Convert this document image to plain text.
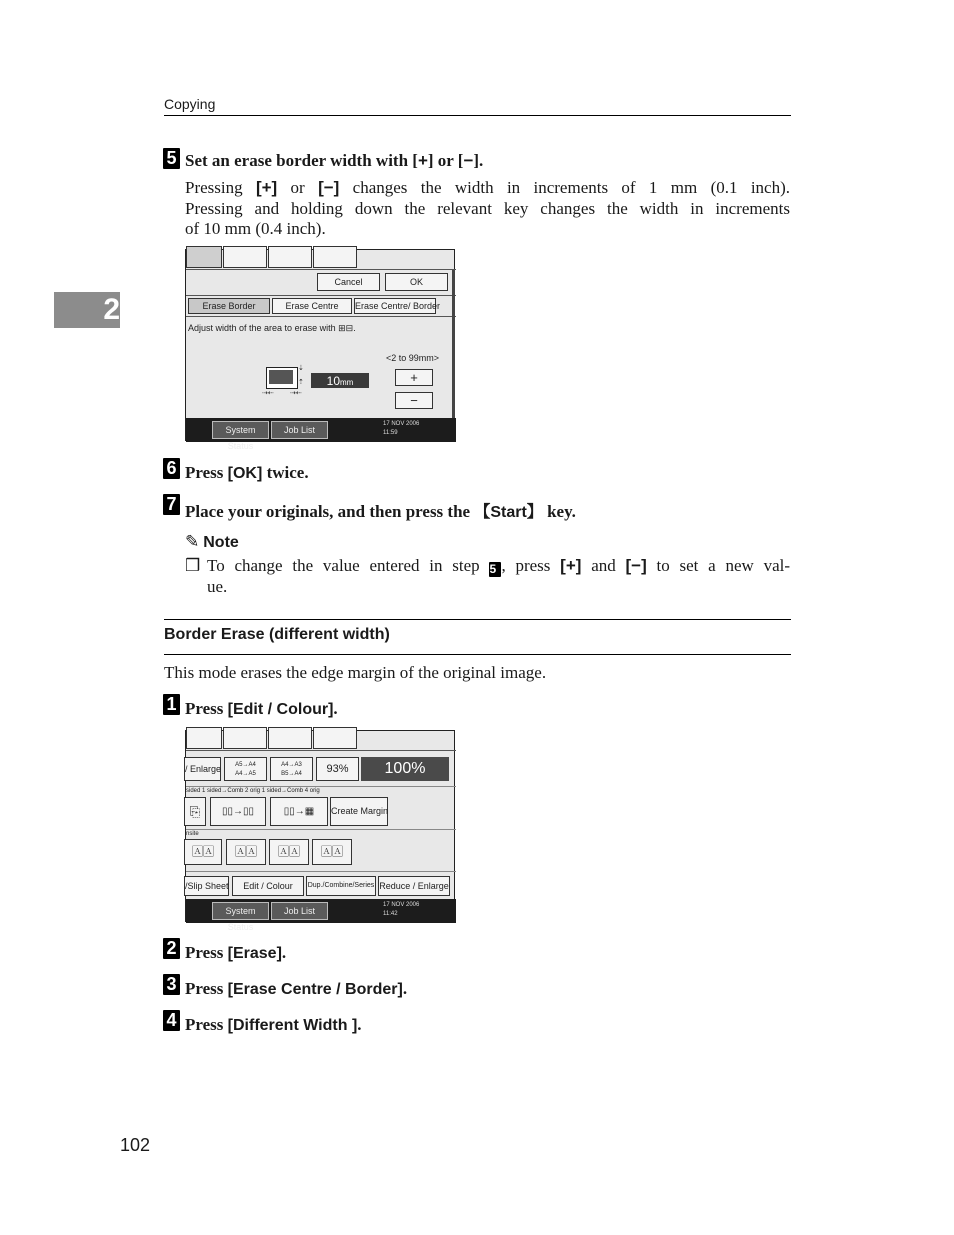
Copying
2
5 Set an erase border width with [+] or [−].
Pressing [+] or [−] changes the width in increments of 1 mm (0.1 inch).
Pressing and holding down the relevant key changes the width in increments
of 10 mm (0.4 inch).
Cancel	OK
Erase Border	Erase Centre	Erase Centre/ Border
Adjust width of the area to erase with ⊞⊟.
<2 to 99mm>
⇣
⇡
⇢⇠ ⇢⇠
10mm	+
−
System Status
Job List
17 NOV 2006
11:59
6 Press [OK] twice.
7 Place your originals, and then press the 【Start】 key.
✎ Note
❒ To change the value entered in step 5 , press [+] and [−] to set a new val-
ue.
Border Erase (different width)
This mode erases the edge margin of the original image.
1 Press [Edit / Colour].
/ Enlarge	A5→A4
A4→A5
A4→A3
B5→A4	93%	100%
sided 1 sided→Comb 2 orig 1 sided→Comb 4 orig
⎘	▯▯→▯▯	▯▯→▦	Create Margin
nsite
🄰🄰	🄰🄰	🄰🄰	🄰🄰
/Slip Sheet	Edit / Colour	Dup./Combine/Series Reduce / Enlarge
System Status
Job List
17 NOV 2006
11:42
2 Press [Erase].
3 Press [Erase Centre / Border].
4 Press [Different Width ].
102
